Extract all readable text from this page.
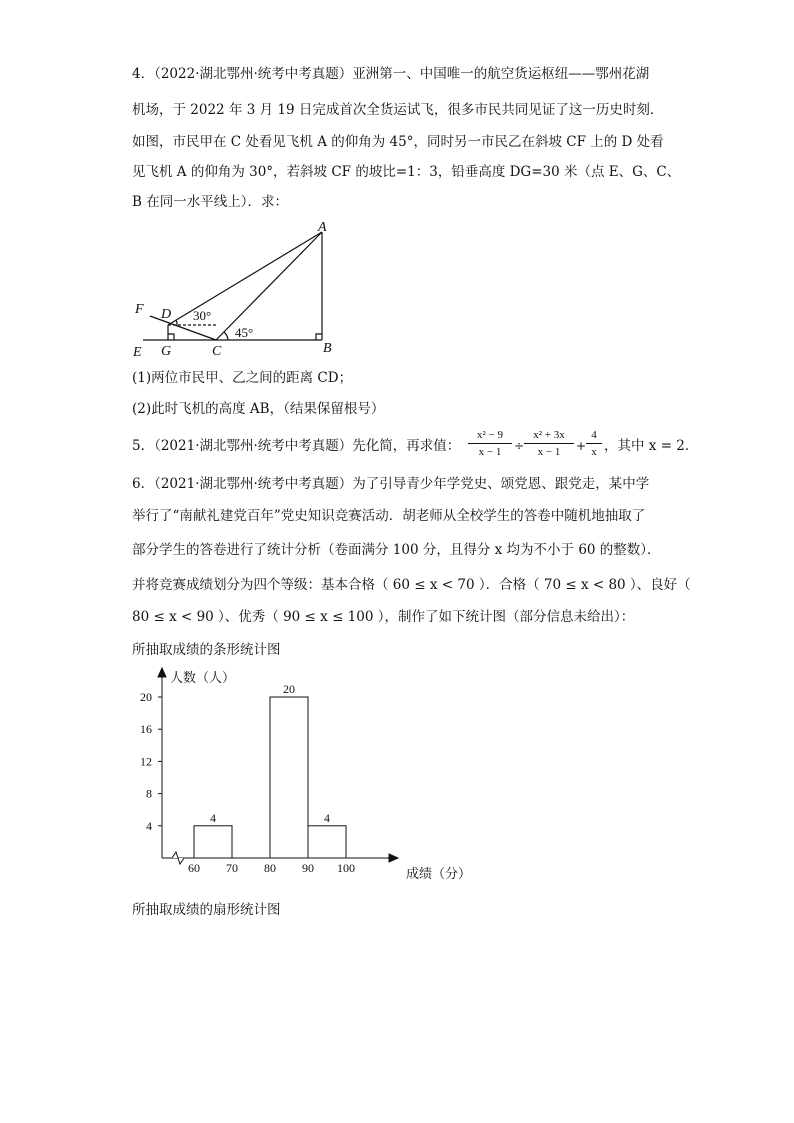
4．（2022·湖北鄂州·统考中考真题）亚洲第一、中国唯一的航空货运枢纽——鄂州花湖
机场，于 2022 年 3 月 19 日完成首次全货运试飞，很多市民共同见证了这一历史时刻．
如图，市民甲在 C 处看见飞机 A 的仰角为 45°，同时另一市民乙在斜坡 CF 上的 D 处看
见飞机 A 的仰角为 30°，若斜坡 CF 的坡比=1：3，铅垂高度 DG=30 米（点 E、G、C、
B 在同一水平线上）．求：
A
B
C
D
E
F
G
30°
45°
(1)两位市民甲、乙之间的距离 CD；
(2)此时飞机的高度 AB，（结果保留根号）
5．（2021·湖北鄂州·统考中考真题）先化简，再求值：
x² − 9
x − 1	÷
x² + 3x
x − 1	+
4
x ，其中 x = 2．
6．（2021·湖北鄂州·统考中考真题）为了引导青少年学党史、颂党恩、跟党走，某中学
举行了“南献礼建党百年”党史知识竞赛活动．胡老师从全校学生的答卷中随机地抽取了
部分学生的答卷进行了统计分析（卷面满分 100 分，且得分 x 均为不小于 60 的整数）．
并将竞赛成绩划分为四个等级：基本合格（ 60 ≤ x < 70 ）．合格（ 70 ≤ x < 80 ）、良好（
80 ≤ x < 90 ）、优秀（ 90 ≤ x ≤ 100 ），制作了如下统计图（部分信息未给出）：
所抽取成绩的条形统计图
人数（人）
成绩（分）
4
8
12
16
20
60 70 80 90 100
4
20
4
所抽取成绩的扇形统计图
